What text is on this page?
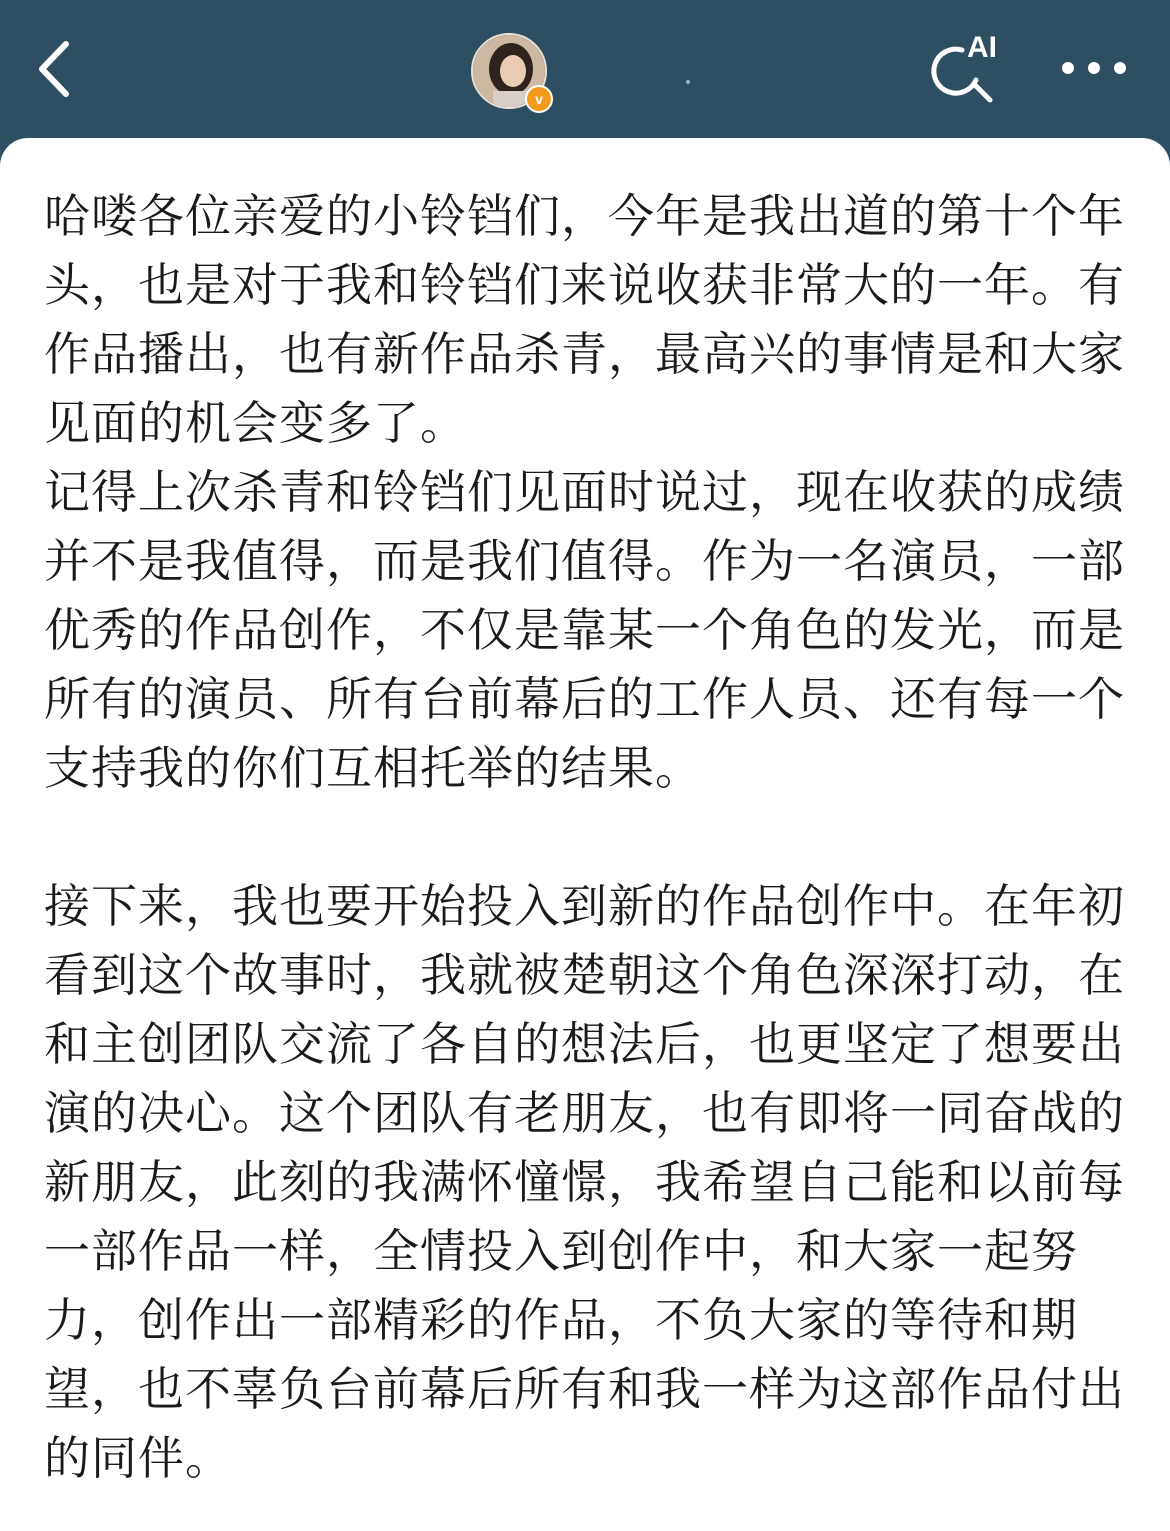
v
AI

哈喽各位亲爱的小铃铛们，今年是我出道的第十个年头，也是对于我和铃铛们来说收获非常大的一年。有作品播出，也有新作品杀青，最高兴的事情是和大家见面的机会变多了。

记得上次杀青和铃铛们见面时说过，现在收获的成绩并不是我值得，而是我们值得。作为一名演员，一部优秀的作品创作，不仅是靠某一个角色的发光，而是所有的演员、所有台前幕后的工作人员、还有每一个支持我的你们互相托举的结果。

接下来，我也要开始投入到新的作品创作中。在年初看到这个故事时，我就被楚朝这个角色深深打动，在和主创团队交流了各自的想法后，也更坚定了想要出演的决心。这个团队有老朋友，也有即将一同奋战的新朋友，此刻的我满怀憧憬，我希望自己能和以前每一部作品一样，全情投入到创作中，和大家一起努力，创作出一部精彩的作品，不负大家的等待和期望，也不辜负台前幕后所有和我一样为这部作品付出的同伴。
